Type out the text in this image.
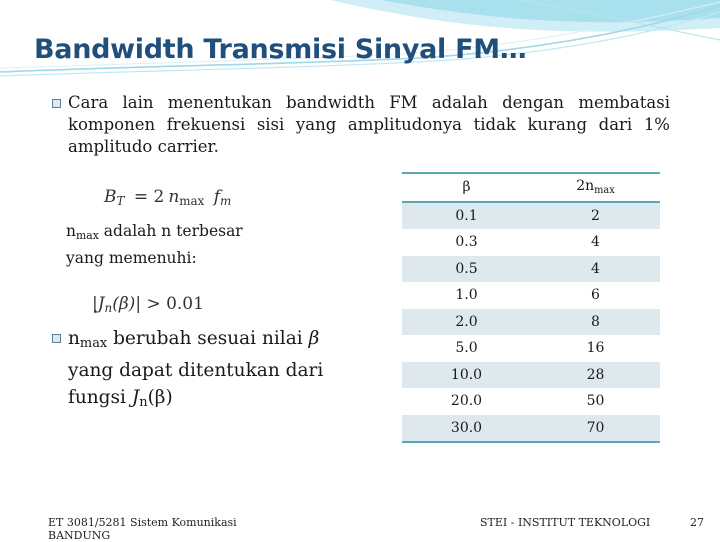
Bandwidth Transmisi Sinyal FM…
Cara lain menentukan bandwidth FM adalah dengan membatasi komponen frekuensi sisi yang amplitudonya tidak kurang dari 1% amplitudo carrier.
$B_T = 2$ $n_{max}$ $f_m$
$n_{max}$ adalah n terbesar yang memenuhi:
$|J_n(\beta)| > 0.01$
$n_{max}$ berubah sesuai nilai β yang dapat ditentukan dari fungsi $J_n(\beta)$
β	$2n_{max}$
0.1	2
0.3	4
0.5	4
1.0	6
2.0	8
5.0	16
10.0	28
20.0	50
30.0	70
ET 3081/5281 Sistem Komunikasi BANDUNG
STEI - INSTITUT TEKNOLOGI	27
